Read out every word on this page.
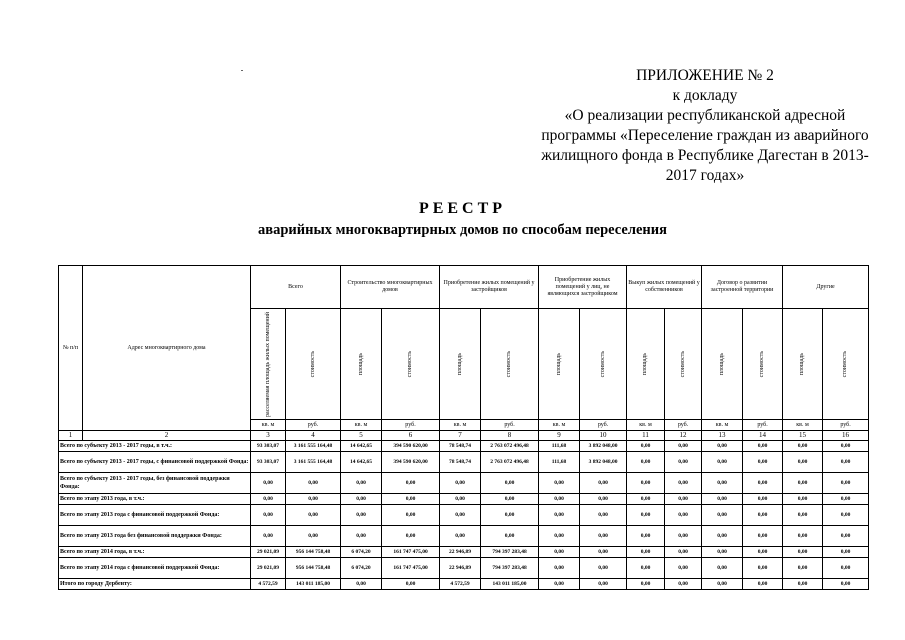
ПРИЛОЖЕНИЕ № 2
к докладу
«О реализации республиканской адресной
программы «Переселение граждан из аварийного
жилищного фонда в Республике Дагестан в 2013-
2017 годах»
РЕЕСТР
аварийных многоквартирных домов по способам переселения
№ п/п	Адрес многоквартирного дома	Всего		Строительство многоквартирных домов		Приобретение жилых помещений у застройщиков		Приобретение жилых помещений у лиц, не являющихся застройщиком		Выкуп жилых помещений у собственников		Договор о развитии застроенной территории		Другие	

		расселяемая площадь жилых помещений	стоимость	площадь	стоимость	площадь	стоимость	площадь	стоимость	площадь	стоимость	площадь	стоимость	площадь	стоимость

		кв. м	руб.	кв. м	руб.	кв. м	руб.	кв. м	руб.	кв. м	руб.	кв. м	руб.	кв. м	руб.
1	2	3	4	5	6	7	8	9	10	11	12	13	14	15	16
Всего по субъекту 2013 - 2017 годы, в т.ч.:		93 303,07	3 161 555 164,48	14 642,65	394 590 620,00	78 548,74	2 763 072 496,48	111,68	3 892 048,00	0,00	0,00	0,00	0,00	0,00	0,00
Всего по субъекту 2013 - 2017 годы, с финансовой поддержкой Фонда:		93 303,07	3 161 555 164,48	14 642,65	394 590 620,00	78 548,74	2 763 072 496,48	111,68	3 892 048,00	0,00	0,00	0,00	0,00	0,00	0,00
Всего по субъекту 2013 - 2017 годы, без финансовой поддержки Фонда:		0,00	0,00	0,00	0,00	0,00	0,00	0,00	0,00	0,00	0,00	0,00	0,00	0,00	0,00
Всего по этапу 2013 года, в т.ч.:		0,00	0,00	0,00	0,00	0,00	0,00	0,00	0,00	0,00	0,00	0,00	0,00	0,00	0,00
Всего по этапу 2013 года с финансовой поддержкой Фонда:		0,00	0,00	0,00	0,00	0,00	0,00	0,00	0,00	0,00	0,00	0,00	0,00	0,00	0,00
Всего по этапу 2013 года без финансовой поддержки Фонда:		0,00	0,00	0,00	0,00	0,00	0,00	0,00	0,00	0,00	0,00	0,00	0,00	0,00	0,00
Всего по этапу 2014 года, в т.ч.:		29 021,09	956 144 758,48	6 074,20	161 747 475,00	22 946,89	794 397 283,48	0,00	0,00	0,00	0,00	0,00	0,00	0,00	0,00
Всего по этапу 2014 года с финансовой поддержкой Фонда:		29 021,09	956 144 758,48	6 074,20	161 747 475,00	22 946,89	794 397 283,48	0,00	0,00	0,00	0,00	0,00	0,00	0,00	0,00
Итого по городу Дербенту:		4 572,59	143 011 185,00	0,00	0,00	4 572,59	143 011 185,00	0,00	0,00	0,00	0,00	0,00	0,00	0,00	0,00
